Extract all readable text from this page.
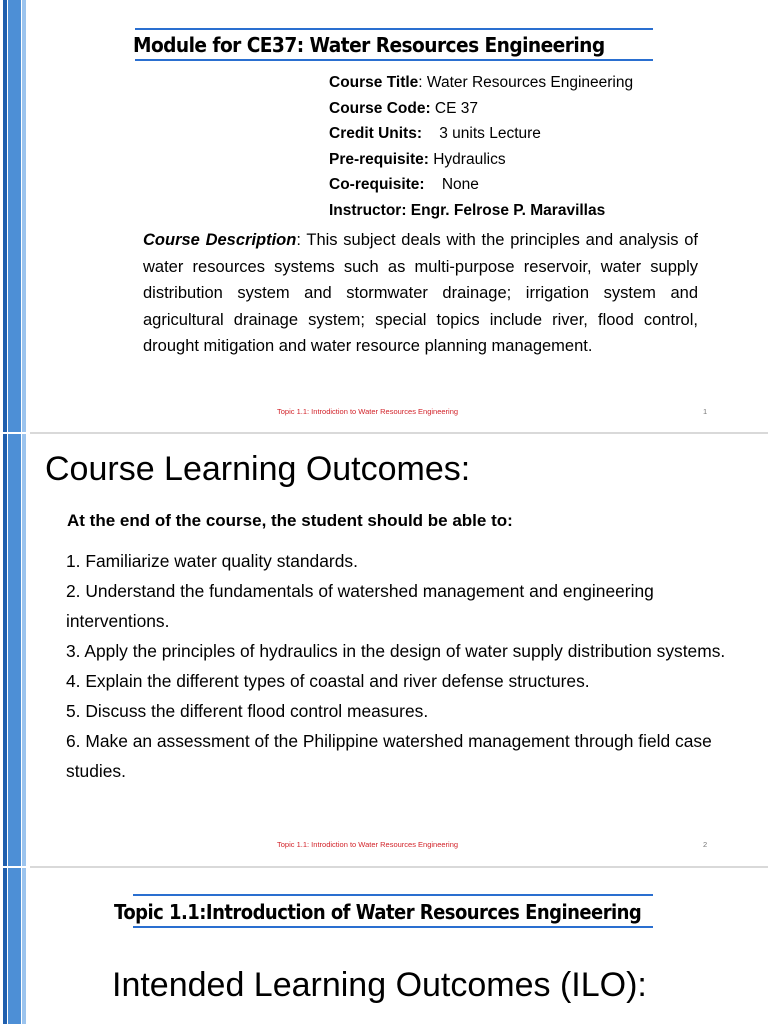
Module for CE37: Water Resources Engineering
Course Title: Water Resources Engineering
Course Code: CE 37
Credit Units:    3 units Lecture
Pre-requisite: Hydraulics
Co-requisite:    None
Instructor: Engr. Felrose P. Maravillas
Course Description: This subject deals with the principles and analysis of water resources systems such as multi-purpose reservoir, water supply distribution system and stormwater drainage; irrigation system and agricultural drainage system; special topics include river, flood control, drought mitigation and water resource planning management.
Topic 1.1: Introdiction to Water Resources Engineering	1
Course Learning Outcomes:
At the end of the course, the student should be able to:
1. Familiarize water quality standards.
2. Understand the fundamentals of watershed management and engineering interventions.
3. Apply the principles of hydraulics in the design of water supply distribution systems.
4. Explain the different types of coastal and river defense structures.
5. Discuss the different flood control measures.
6. Make an assessment of the Philippine watershed management through field case studies.
Topic 1.1: Introdiction to Water Resources Engineering	2
Topic 1.1:Introduction of Water Resources Engineering
Intended Learning Outcomes (ILO):
